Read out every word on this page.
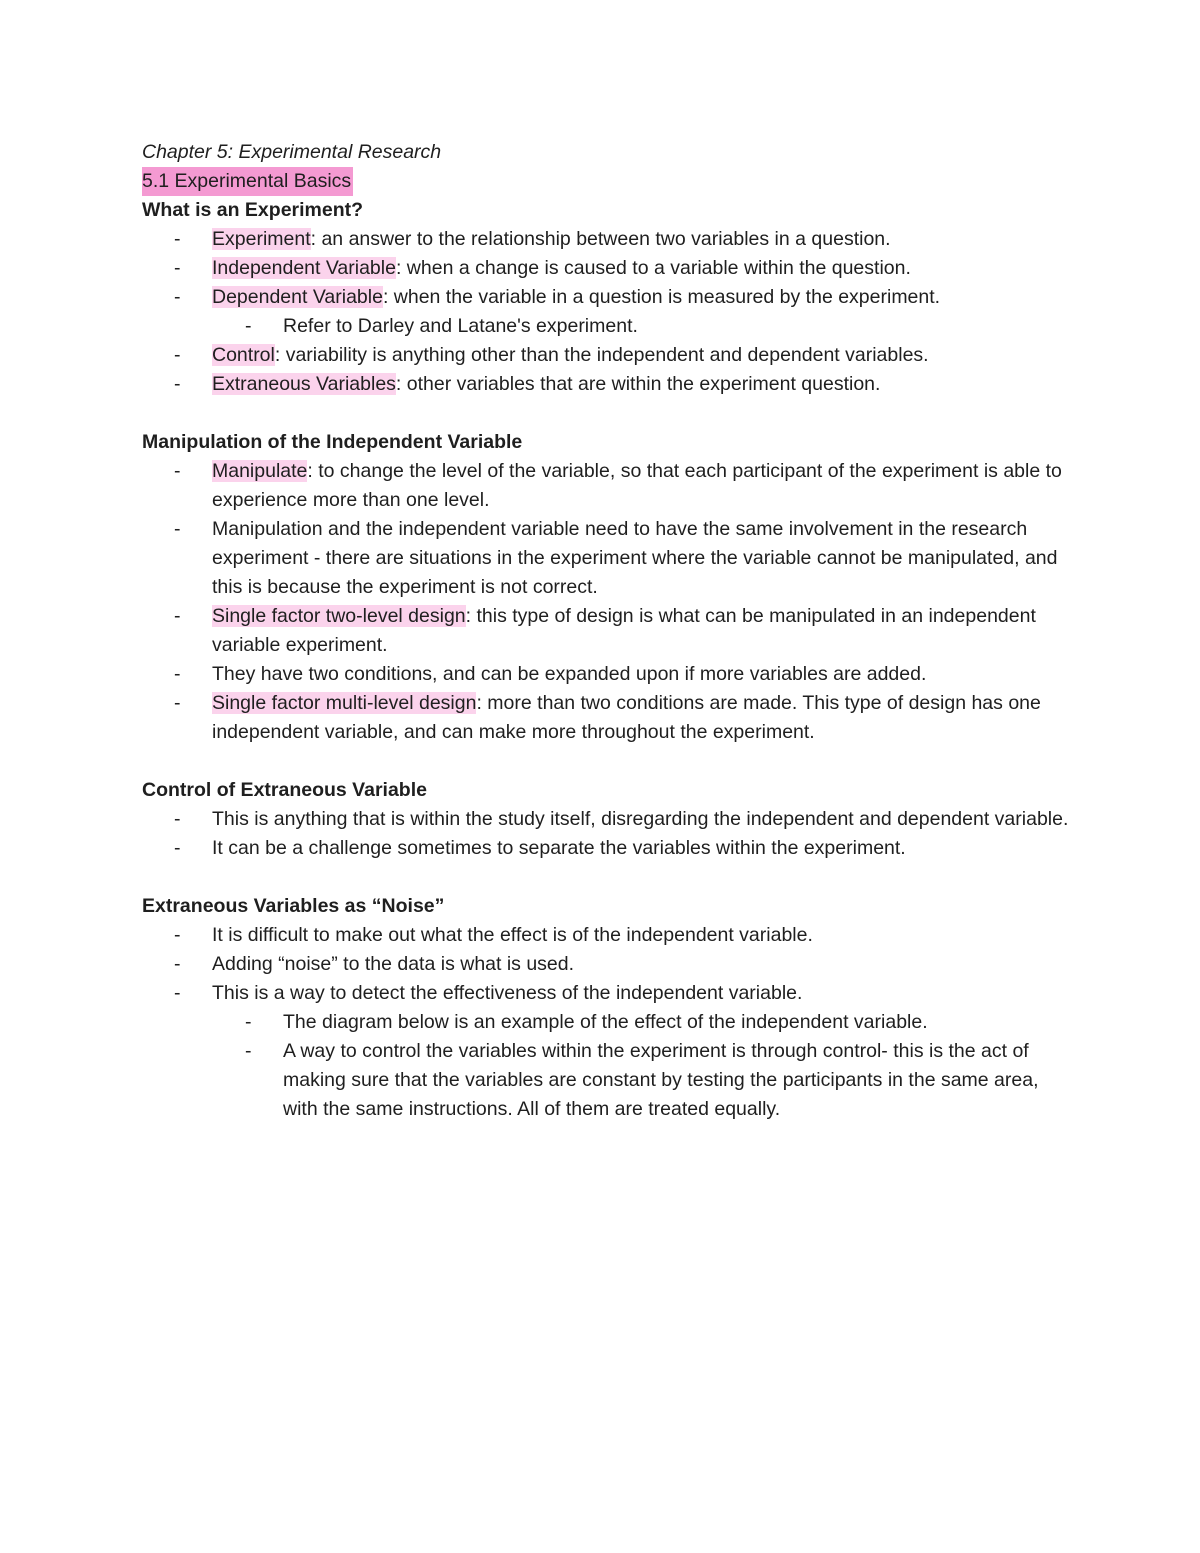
Chapter 5: Experimental Research
5.1 Experimental Basics
What is an Experiment?
- Experiment: an answer to the relationship between two variables in a question.
- Independent Variable: when a change is caused to a variable within the question.
- Dependent Variable: when the variable in a question is measured by the experiment.
- Refer to Darley and Latane's experiment.
- Control: variability is anything other than the independent and dependent variables.
- Extraneous Variables: other variables that are within the experiment question.
Manipulation of the Independent Variable
- Manipulate: to change the level of the variable, so that each participant of the experiment is able to experience more than one level.
- Manipulation and the independent variable need to have the same involvement in the research experiment - there are situations in the experiment where the variable cannot be manipulated, and this is because the experiment is not correct.
- Single factor two-level design: this type of design is what can be manipulated in an independent variable experiment.
- They have two conditions, and can be expanded upon if more variables are added.
- Single factor multi-level design: more than two conditions are made. This type of design has one independent variable, and can make more throughout the experiment.
Control of Extraneous Variable
- This is anything that is within the study itself, disregarding the independent and dependent variable.
- It can be a challenge sometimes to separate the variables within the experiment.
Extraneous Variables as “Noise”
- It is difficult to make out what the effect is of the independent variable.
- Adding “noise” to the data is what is used.
- This is a way to detect the effectiveness of the independent variable.
- The diagram below is an example of the effect of the independent variable.
- A way to control the variables within the experiment is through control- this is the act of making sure that the variables are constant by testing the participants in the same area, with the same instructions. All of them are treated equally.
